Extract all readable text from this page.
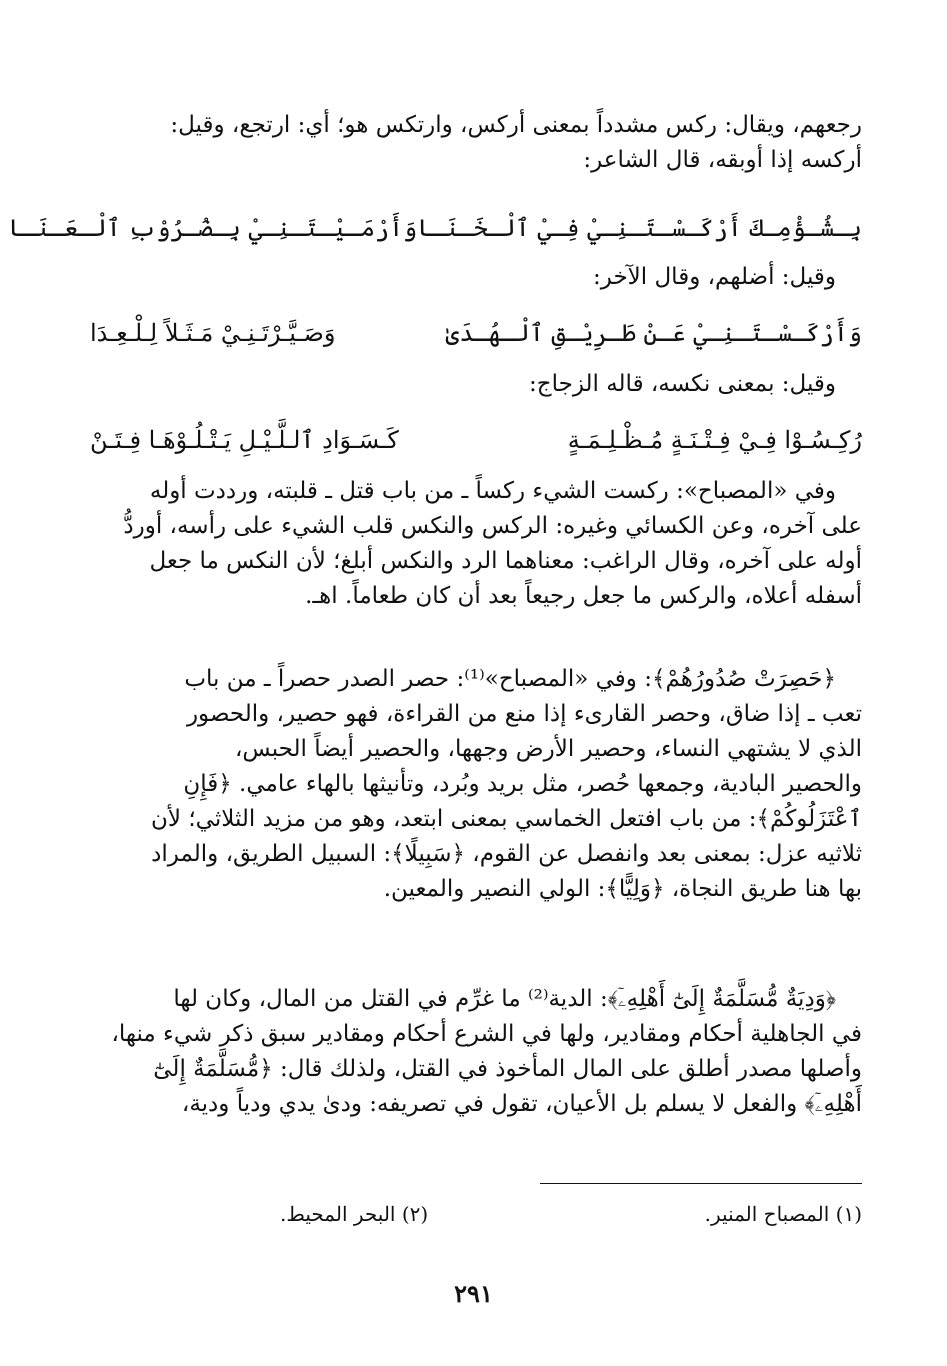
رجعهم، ويقال: ركس مشدداً بمعنى أركس، وارتكس هو؛ أي: ارتجع، وقيل:

أركسه إذا أوبقه، قال الشاعر:

بِـشُـؤْمِـكَ أَرْكَـسْـتَـنِـيْ فِـيْ ٱلْـخَـنَـا
وَأَرْمَـيْـتَـنِـيْ بِـضُـرُوْبِ ٱلْـعَـنَـا

وقيل: أضلهم، وقال الآخر:

وَأَرْكَـسْـتَـنِـيْ عَـنْ طَـرِيْـقِ ٱلْـهُـدَىٰ
وَصَـيَّـرْتَـنِـيْ مَـثَـلاً لِـلْـعِـدَا

وقيل: بمعنى نكسه، قاله الزجاج:

رُكِـسُـوْا فِـيْ فِـتْـنَـةٍ مُـظْـلِـمَـةٍ
كَـسَـوَادِ ٱلـلَّـيْـلِ يَـتْـلُـوْهَـا فِـتَـنْ

وفي «المصباح»: ركست الشيء ركساً ـ من باب قتل ـ قلبته، ورددت أوله

على آخره، وعن الكسائي وغيره: الركس والنكس قلب الشيء على رأسه، أوردُّ

أوله على آخره، وقال الراغب: معناهما الرد والنكس أبلغ؛ لأن النكس ما جعل

أسفله أعلاه، والركس ما جعل رجيعاً بعد أن كان طعاماً. اهـ.

﴿حَصِرَتْ صُدُورُهُمْ﴾: وفي «المصباح»⁽¹⁾: حصر الصدر حصراً ـ من باب

تعب ـ إذا ضاق، وحصر القارىء إذا منع من القراءة، فهو حصير، والحصور

الذي لا يشتهي النساء، وحصير الأرض وجهها، والحصير أيضاً الحبس،

والحصير البادية، وجمعها حُصر، مثل بريد وبُرد، وتأنيثها بالهاء عامي. ﴿فَإِنِ

ٱعْتَزَلُوكُمْ﴾: من باب افتعل الخماسي بمعنى ابتعد، وهو من مزيد الثلاثي؛ لأن

ثلاثيه عزل: بمعنى بعد وانفصل عن القوم، ﴿سَبِيلًا﴾: السبيل الطريق، والمراد

بها هنا طريق النجاة، ﴿وَلِيًّا﴾: الولي النصير والمعين.

﴿وَدِيَةٌ مُّسَلَّمَةٌ إِلَىٰٓ أَهْلِهِۦٓ﴾: الدية⁽²⁾ ما غرِّم في القتل من المال، وكان لها

في الجاهلية أحكام ومقادير، ولها في الشرع أحكام ومقادير سبق ذكر شيء منها،

وأصلها مصدر أطلق على المال المأخوذ في القتل، ولذلك قال: ﴿مُّسَلَّمَةٌ إِلَىٰٓ

أَهْلِهِۦٓ﴾ والفعل لا يسلم بل الأعيان، تقول في تصريفه: ودىٰ يدي ودياً ودية،

(١) المصباح المنير.
(٢) البحر المحيط.
٢٩١
